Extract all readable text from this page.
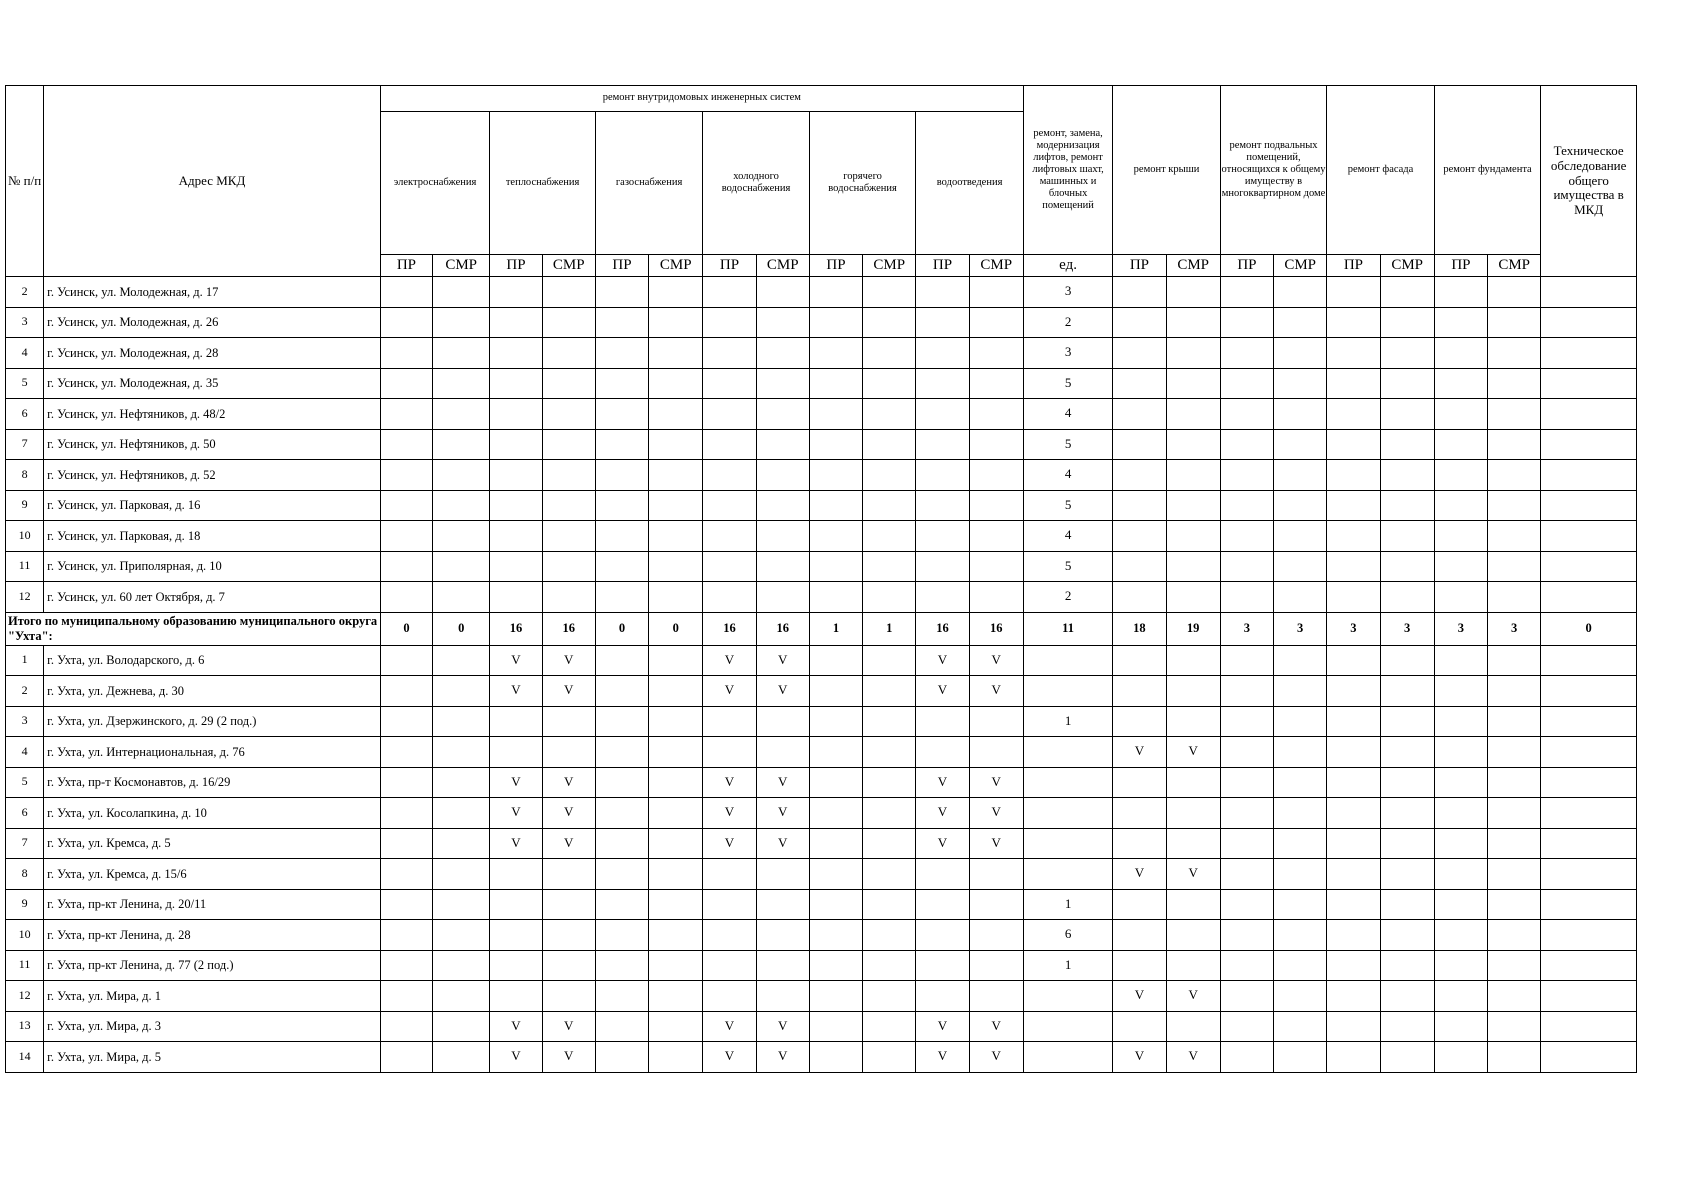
№ п/п	Адрес МКД	ремонт внутридомовых инженерных систем												ремонт, замена, модернизация лифтов, ремонт лифтовых шахт, машинных и блочных помещений	ремонт крыши		ремонт подвальных помещений, относящихся к общему имуществу в многоквартирном доме		ремонт фасада		ремонт фундамента		Техническое обследование общего имущества в МКД
		электроснабжения		теплоснабжения		газоснабжения		холодного водоснабжения		горячего водоснабжения		водоотведения											
		ПР	СМР	ПР	СМР	ПР	СМР	ПР	СМР	ПР	СМР	ПР	СМР	ед.	ПР	СМР	ПР	СМР	ПР	СМР	ПР	СМР	
2	г. Усинск, ул. Молодежная, д. 17													3									
3	г. Усинск, ул. Молодежная, д. 26													2									
4	г. Усинск, ул. Молодежная, д. 28													3									
5	г. Усинск, ул. Молодежная, д. 35													5									
6	г. Усинск, ул. Нефтяников, д. 48/2													4									
7	г. Усинск, ул. Нефтяников, д. 50													5									
8	г. Усинск, ул. Нефтяников, д. 52													4									
9	г. Усинск, ул. Парковая, д. 16													5									
10	г. Усинск, ул. Парковая, д. 18													4									
11	г. Усинск, ул. Приполярная, д. 10													5									
12	г. Усинск, ул. 60 лет Октября, д. 7													2									
Итого по муниципальному образованию муниципального округа "Ухта":		0	0	16	16	0	0	16	16	1	1	16	16	11	18	19	3	3	3	3	3	3	0
1	г. Ухта, ул. Володарского, д. 6			V	V			V	V			V	V										
2	г. Ухта, ул. Дежнева, д. 30			V	V			V	V			V	V										
3	г. Ухта, ул. Дзержинского, д. 29 (2 под.)													1									
4	г. Ухта, ул. Интернациональная, д. 76														V	V							
5	г. Ухта, пр-т Космонавтов, д. 16/29			V	V			V	V			V	V										
6	г. Ухта, ул. Косолапкина, д. 10			V	V			V	V			V	V										
7	г. Ухта, ул. Кремса, д. 5			V	V			V	V			V	V										
8	г. Ухта, ул. Кремса, д. 15/6														V	V							
9	г. Ухта, пр-кт Ленина, д. 20/11													1									
10	г. Ухта, пр-кт Ленина, д. 28													6									
11	г. Ухта, пр-кт Ленина, д. 77 (2 под.)													1									
12	г. Ухта, ул. Мира, д. 1														V	V							
13	г. Ухта, ул. Мира, д. 3			V	V			V	V			V	V										
14	г. Ухта, ул. Мира, д. 5			V	V			V	V			V	V		V	V							
